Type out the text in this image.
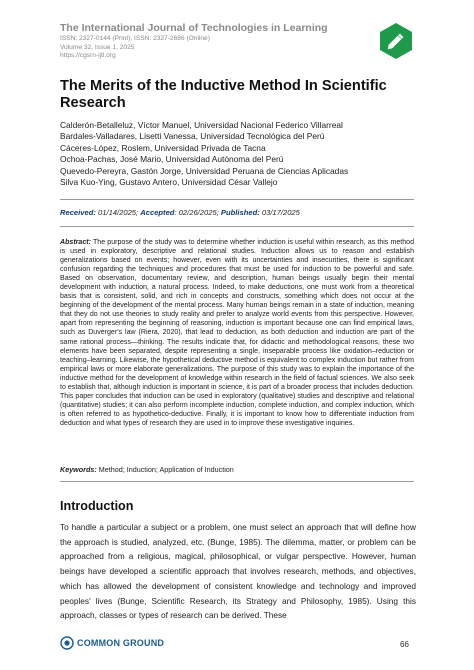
The International Journal of Technologies in Learning
ISSN: 2327-0144 (Print), ISSN: 2327-2686 (Online)
Volume 32, Issue 1, 2025
https://cgsrn-ijtl.org
The Merits of the Inductive Method In Scientific Research
Calderón-Betalleluz, Víctor Manuel, Universidad Nacional Federico Villarreal
Bardales-Valladares, Lisetti Vanessa, Universidad Tecnológica del Perú
Cáceres-López, Roslem, Universidad Privada de Tacna
Ochoa-Pachas, José Mario, Universidad Autónoma del Perú
Quevedo-Pereyra, Gastón Jorge, Universidad Peruana de Ciencias Aplicadas
Silva Kuo-Ying, Gustavo Antero, Universidad César Vallejo
Received: 01/14/2025; Accepted: 02/26/2025; Published: 03/17/2025

Abstract: The purpose of the study was to determine whether induction is useful within research, as this method is used in exploratory, descriptive and relational studies. Induction allows us to reason and establish generalizations based on events; however, even with its uncertainties and insecurities, there is significant confusion regarding the techniques and procedures that must be used for induction to be powerful and safe. Based on observation, documentary review, and description, human beings usually begin their mental development with induction, a natural process. Indeed, to make deductions, one must work from a theoretical basis that is consistent, solid, and rich in concepts and constructs, something which does not occur at the beginning of the development of the mental process. Many human beings remain in a state of induction, meaning that they do not use theories to study reality and prefer to analyze world events from this perspective. However, apart from representing the beginning of reasoning, induction is important because one can find empirical laws, such as Duverger's law (Riera, 2020), that lead to deduction, as both deduction and induction are part of the same rational process—thinking. The results indicate that, for didactic and methodological reasons, these two elements have been separated, despite representing a single, inseparable process like oxidation–reduction or teaching–learning. Likewise, the hypothetical deductive method is equivalent to complex induction but rather from empirical laws or more elaborate generalizations. The purpose of this study was to explain the importance of the inductive method for the development of knowledge within research in the field of factual sciences. We also seek to establish that, although induction is important in science, it is part of a broader process that includes deduction. This paper concludes that induction can be used in exploratory (qualitative) studies and descriptive and relational (quantitative) studies; it can also perform incomplete induction, complete induction, and complex induction, which is often referred to as hypothetico-deductive. Finally, it is important to know how to differentiate induction from deduction and what types of research they are used in to improve these investigative inquiries.

Keywords: Method; Induction; Application of Induction
Introduction

To handle a particular a subject or a problem, one must select an approach that will define how the approach is studied, analyzed, etc. (Bunge, 1985). The dilemma, matter, or problem can be approached from a religious, magical, philosophical, or vulgar perspective. However, human beings have developed a scientific approach that involves research, methods, and objectives, which has allowed the development of consistent knowledge and technology and improved peoples' lives (Bunge, Scientific Research, its Strategy and Philosophy, 1985). Using this approach, classes or types of research can be derived. These

COMMON GROUND	66
